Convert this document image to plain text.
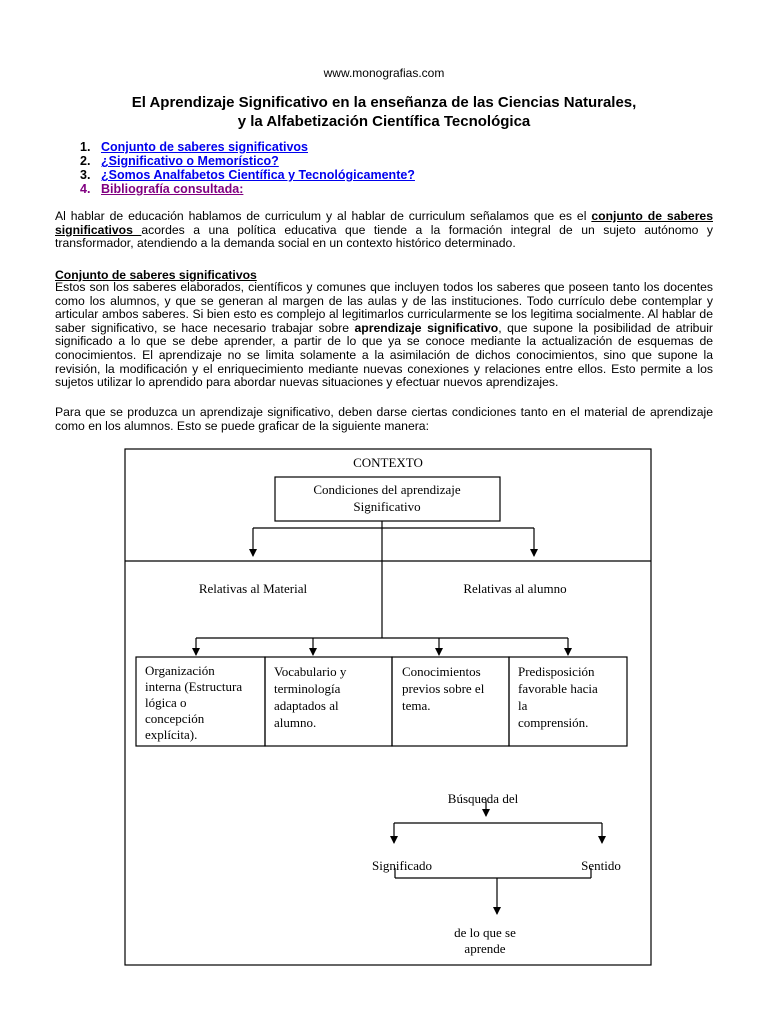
www.monografias.com
El Aprendizaje Significativo en la enseñanza de las Ciencias Naturales,
y la Alfabetización Científica Tecnológica
1. Conjunto de saberes significativos
2. ¿Significativo o Memorístico?
3. ¿Somos Analfabetos Científica y Tecnológicamente?
4. Bibliografía consultada:
Al hablar de educación hablamos de curriculum y al hablar de curriculum señalamos que es el conjunto de saberes significativos acordes a una política educativa que tiende a la formación integral de un sujeto autónomo y transformador, atendiendo a la demanda social en un contexto histórico determinado.
Conjunto de saberes significativos
Estos son los saberes elaborados, científicos y comunes que incluyen todos los saberes que poseen tanto los docentes como los alumnos, y que se generan al margen de las aulas y de las instituciones. Todo currículo debe contemplar y articular ambos saberes. Si bien esto es complejo al legitimarlos curricularmente se los legitima socialmente. Al hablar de saber significativo, se hace necesario trabajar sobre aprendizaje significativo, que supone la posibilidad de atribuir significado a lo que se debe aprender, a partir de lo que ya se conoce mediante la actualización de esquemas de conocimientos. El aprendizaje no se limita solamente a la asimilación de dichos conocimientos, sino que supone la revisión, la modificación y el enriquecimiento mediante nuevas conexiones y relaciones entre ellos. Esto permite a los sujetos utilizar lo aprendido para abordar nuevas situaciones y efectuar nuevos aprendizajes.
Para que se produzca un aprendizaje significativo, deben darse ciertas condiciones tanto en el material de aprendizaje como en los alumnos. Esto se puede graficar de la siguiente manera:
CONTEXTO
Condiciones del aprendizaje
Significativo
Relativas al Material	Relativas al alumno
Organización
interna (Estructura
lógica o
concepción
explícita).
Vocabulario y
terminología
adaptados al
alumno.
Conocimientos
previos sobre el
tema.
Predisposición
favorable hacia
la
comprensión.
Búsqueda del
Significado	Sentido
de lo que se
aprende
